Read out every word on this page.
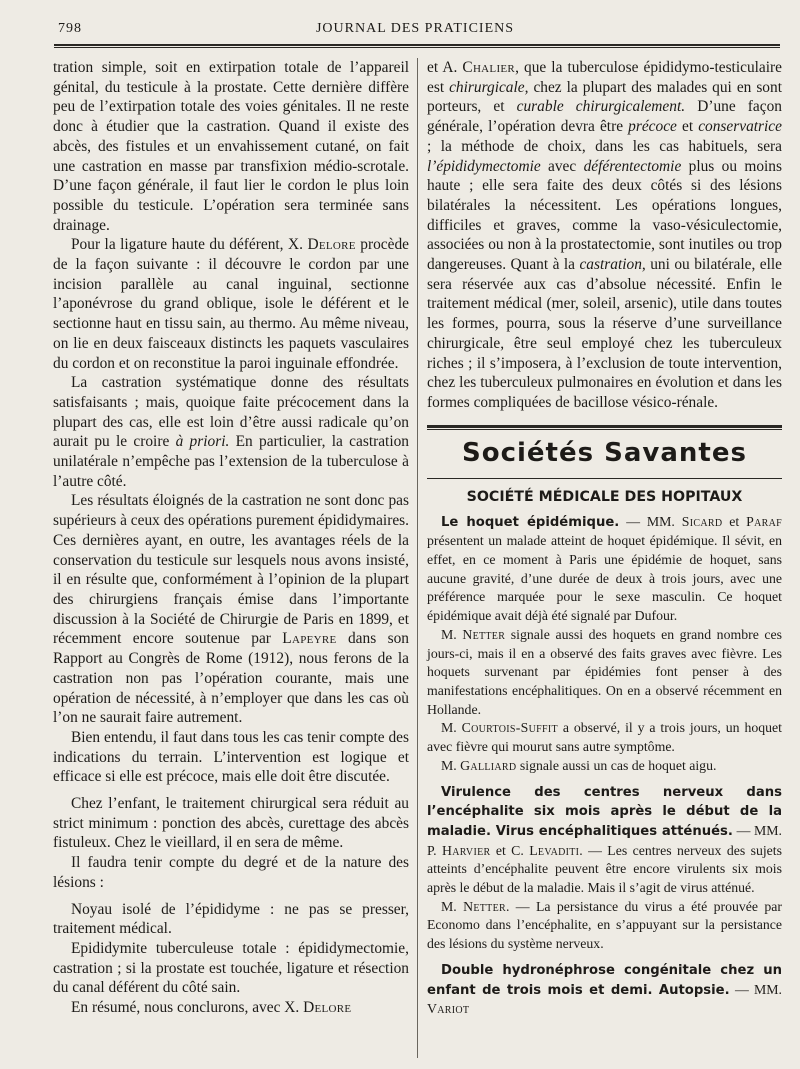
798	JOURNAL DES PRATICIENS

tration simple, soit en extirpation totale de l’appareil génital, du testicule à la prostate. Cette dernière diffère peu de l’extirpation totale des voies génitales. Il ne reste donc à étudier que la castration. Quand il existe des abcès, des fistules et un envahissement cutané, on fait une castration en masse par transfixion médio-scrotale. D’une façon générale, il faut lier le cordon le plus loin possible du testicule. L’opération sera terminée sans drainage.

Pour la ligature haute du déférent, X. Delore procède de la façon suivante : il découvre le cordon par une incision parallèle au canal inguinal, sectionne l’aponévrose du grand oblique, isole le déférent et le sectionne haut en tissu sain, au thermo. Au même niveau, on lie en deux faisceaux distincts les paquets vasculaires du cordon et on reconstitue la paroi inguinale effondrée.

La castration systématique donne des résultats satisfaisants ; mais, quoique faite précocement dans la plupart des cas, elle est loin d’être aussi radicale qu’on aurait pu le croire à priori. En particulier, la castration unilatérale n’empêche pas l’extension de la tuberculose à l’autre côté.

Les résultats éloignés de la castration ne sont donc pas supérieurs à ceux des opérations purement épididymaires. Ces dernières ayant, en outre, les avantages réels de la conservation du testicule sur lesquels nous avons insisté, il en résulte que, conformément à l’opinion de la plupart des chirurgiens français émise dans l’importante discussion à la Société de Chirurgie de Paris en 1899, et récemment encore soutenue par Lapeyre dans son Rapport au Congrès de Rome (1912), nous ferons de la castration non pas l’opération courante, mais une opération de nécessité, à n’employer que dans les cas où l’on ne saurait faire autrement.

Bien entendu, il faut dans tous les cas tenir compte des indications du terrain. L’intervention est logique et efficace si elle est précoce, mais elle doit être discutée.

Chez l’enfant, le traitement chirurgical sera réduit au strict minimum : ponction des abcès, curettage des abcès fistuleux. Chez le vieillard, il en sera de même.

Il faudra tenir compte du degré et de la nature des lésions :

Noyau isolé de l’épididyme : ne pas se presser, traitement médical.

Epididymite tuberculeuse totale : épididymectomie, castration ; si la prostate est touchée, ligature et résection du canal déférent du côté sain.

En résumé, nous conclurons, avec X. Delore

et A. Chalier, que la tuberculose épididymo-testiculaire est chirurgicale, chez la plupart des malades qui en sont porteurs, et curable chirurgicalement. D’une façon générale, l’opération devra être précoce et conservatrice ; la méthode de choix, dans les cas habituels, sera l’épididymectomie avec déférentectomie plus ou moins haute ; elle sera faite des deux côtés si des lésions bilatérales la nécessitent. Les opérations longues, difficiles et graves, comme la vaso-vésiculectomie, associées ou non à la prostatectomie, sont inutiles ou trop dangereuses. Quant à la castration, uni ou bilatérale, elle sera réservée aux cas d’absolue nécessité. Enfin le traitement médical (mer, soleil, arsenic), utile dans toutes les formes, pourra, sous la réserve d’une surveillance chirurgicale, être seul employé chez les tuberculeux riches ; il s’imposera, à l’exclusion de toute intervention, chez les tuberculeux pulmonaires en évolution et dans les formes compliquées de bacillose vésico-rénale.

Sociétés Savantes
SOCIÉTÉ MÉDICALE DES HOPITAUX

Le hoquet épidémique. — MM. Sicard et Paraf présentent un malade atteint de hoquet épidémique. Il sévit, en effet, en ce moment à Paris une épidémie de hoquet, sans aucune gravité, d’une durée de deux à trois jours, avec une préférence marquée pour le sexe masculin. Ce hoquet épidémique avait déjà été signalé par Dufour.

M. Netter signale aussi des hoquets en grand nombre ces jours-ci, mais il en a observé des faits graves avec fièvre. Les hoquets survenant par épidémies font penser à des manifestations encéphalitiques. On en a observé récemment en Hollande.

M. Courtois-Suffit a observé, il y a trois jours, un hoquet avec fièvre qui mourut sans autre symptôme.

M. Galliard signale aussi un cas de hoquet aigu.

Virulence des centres nerveux dans l’encéphalite six mois après le début de la maladie. Virus encéphalitiques atténués. — MM. P. Harvier et C. Levaditi. — Les centres nerveux des sujets atteints d’encéphalite peuvent être encore virulents six mois après le début de la maladie. Mais il s’agit de virus atténué.

M. Netter. — La persistance du virus a été prouvée par Economo dans l’encéphalite, en s’appuyant sur la persistance des lésions du système nerveux.

Double hydronéphrose congénitale chez un enfant de trois mois et demi. Autopsie. — MM. Variot
